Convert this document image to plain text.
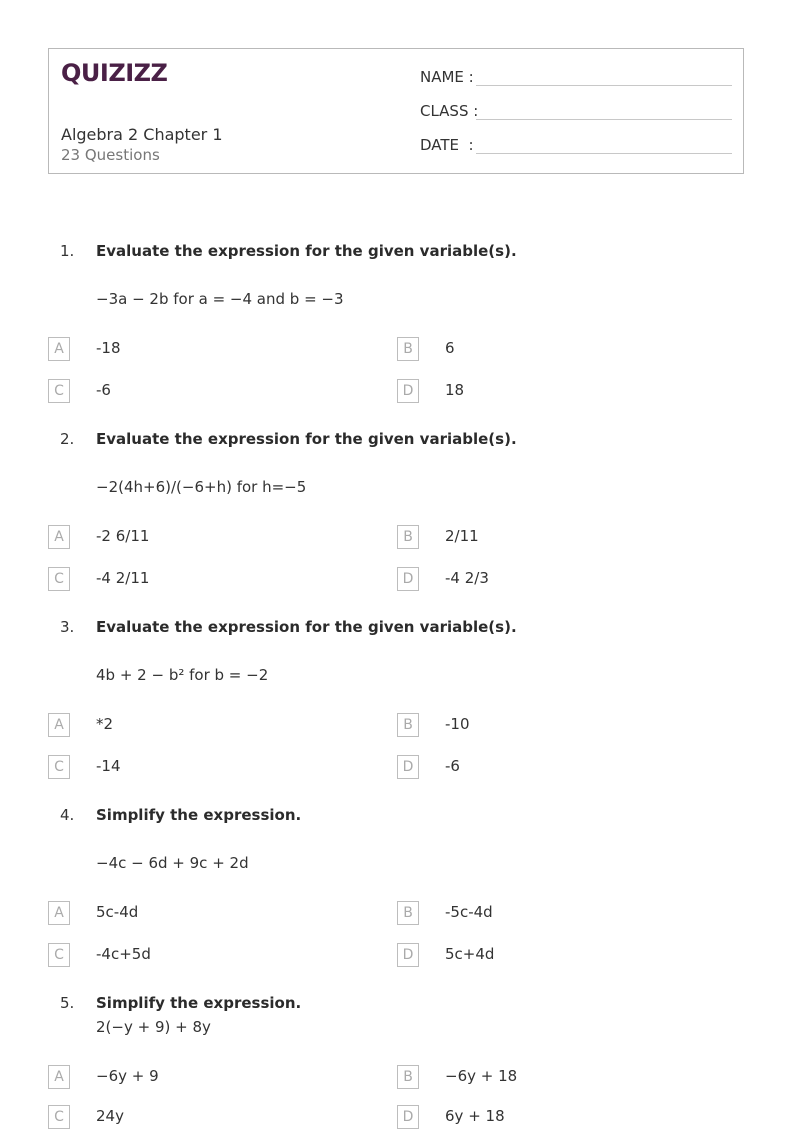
QUIZIZZ
Algebra 2 Chapter 1
23 Questions
NAME :
CLASS :
DATE  :
1. Evaluate the expression for the given variable(s).
−3a − 2b for a = −4 and b = −3
A	-18	B	6
C	-6	D	18
2. Evaluate the expression for the given variable(s).
−2(4h+6)/(−6+h) for h=−5
A	-2 6/11	B	2/11
C	-4 2/11	D	-4 2/3
3. Evaluate the expression for the given variable(s).
4b + 2 − b² for b = −2
A	*2	B	-10
C	-14	D	-6
4. Simplify the expression.
−4c − 6d + 9c + 2d
A	5c-4d	B	-5c-4d
C	-4c+5d	D	5c+4d
5. Simplify the expression.
2(−y + 9) + 8y
A	−6y + 9	B	−6y + 18
C	24y	D	6y + 18
